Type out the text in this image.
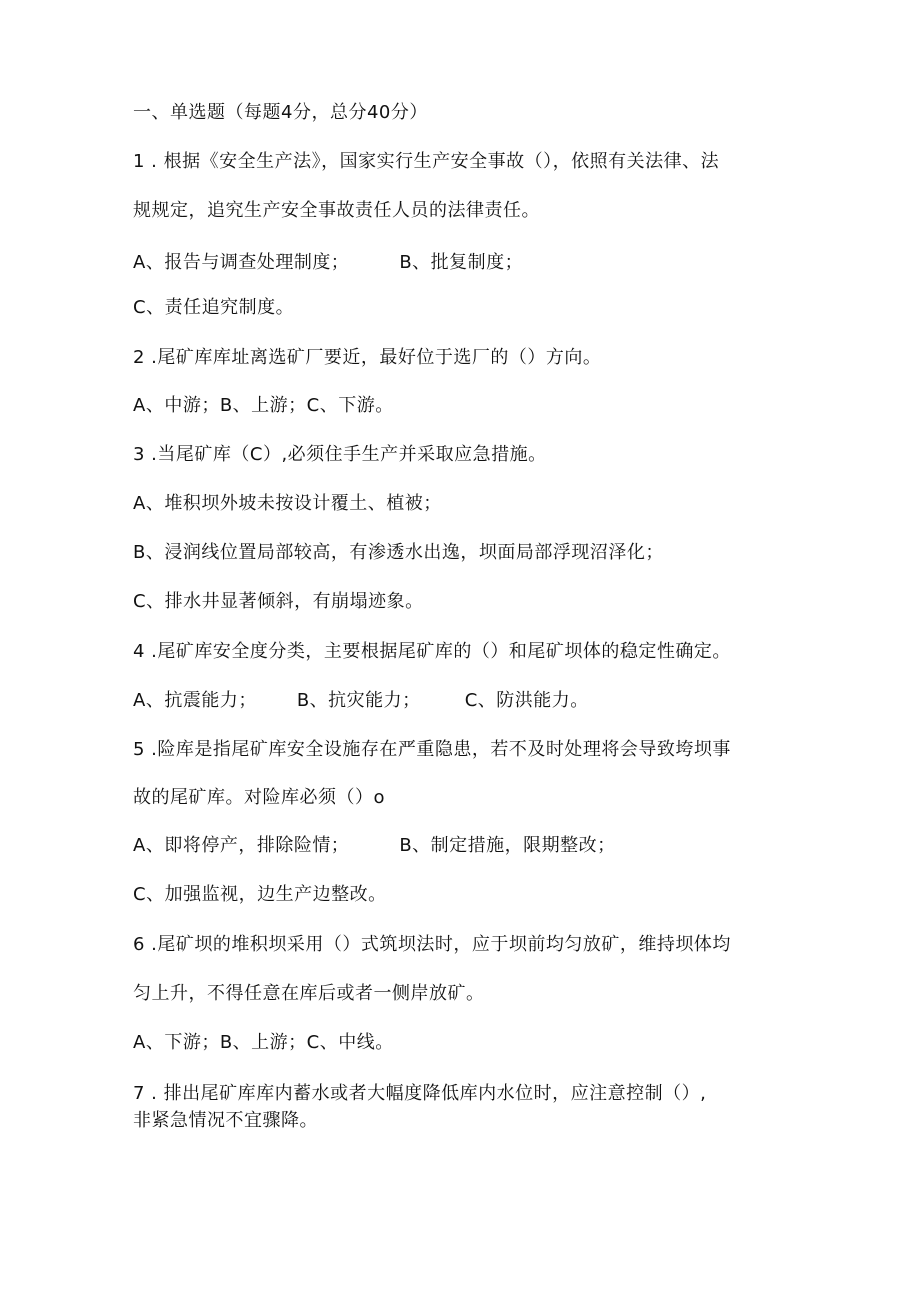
一、单选题（每题4分，总分40分）
1 . 根据《安全生产法》，国家实行生产安全事故（），依照有关法律、法
规规定，追究生产安全事故责任人员的法律责任。
A、报告与调查处理制度；	B、批复制度；
C、责任追究制度。
2 .尾矿库库址离选矿厂要近，最好位于选厂的（）方向。
A、中游；B、上游；C、下游。
3 .当尾矿库（C）,必须住手生产并采取应急措施。
A、堆积坝外坡未按设计覆土、植被；
B、浸润线位置局部较高，有渗透水出逸，坝面局部浮现沼泽化；
C、排水井显著倾斜，有崩塌迹象。
4 .尾矿库安全度分类，主要根据尾矿库的（）和尾矿坝体的稳定性确定。
A、抗震能力； B、抗灾能力； C、防洪能力。
5 .险库是指尾矿库安全设施存在严重隐患，若不及时处理将会导致垮坝事
故的尾矿库。对险库必须（）o
A、即将停产，排除险情；	B、制定措施，限期整改；
C、加强监视，边生产边整改。
6 .尾矿坝的堆积坝采用（）式筑坝法时，应于坝前均匀放矿，维持坝体均
匀上升，不得任意在库后或者一侧岸放矿。
A、下游；B、上游；C、中线。
7 . 排出尾矿库库内蓄水或者大幅度降低库内水位时，应注意控制（）,
非紧急情况不宜骤降。
